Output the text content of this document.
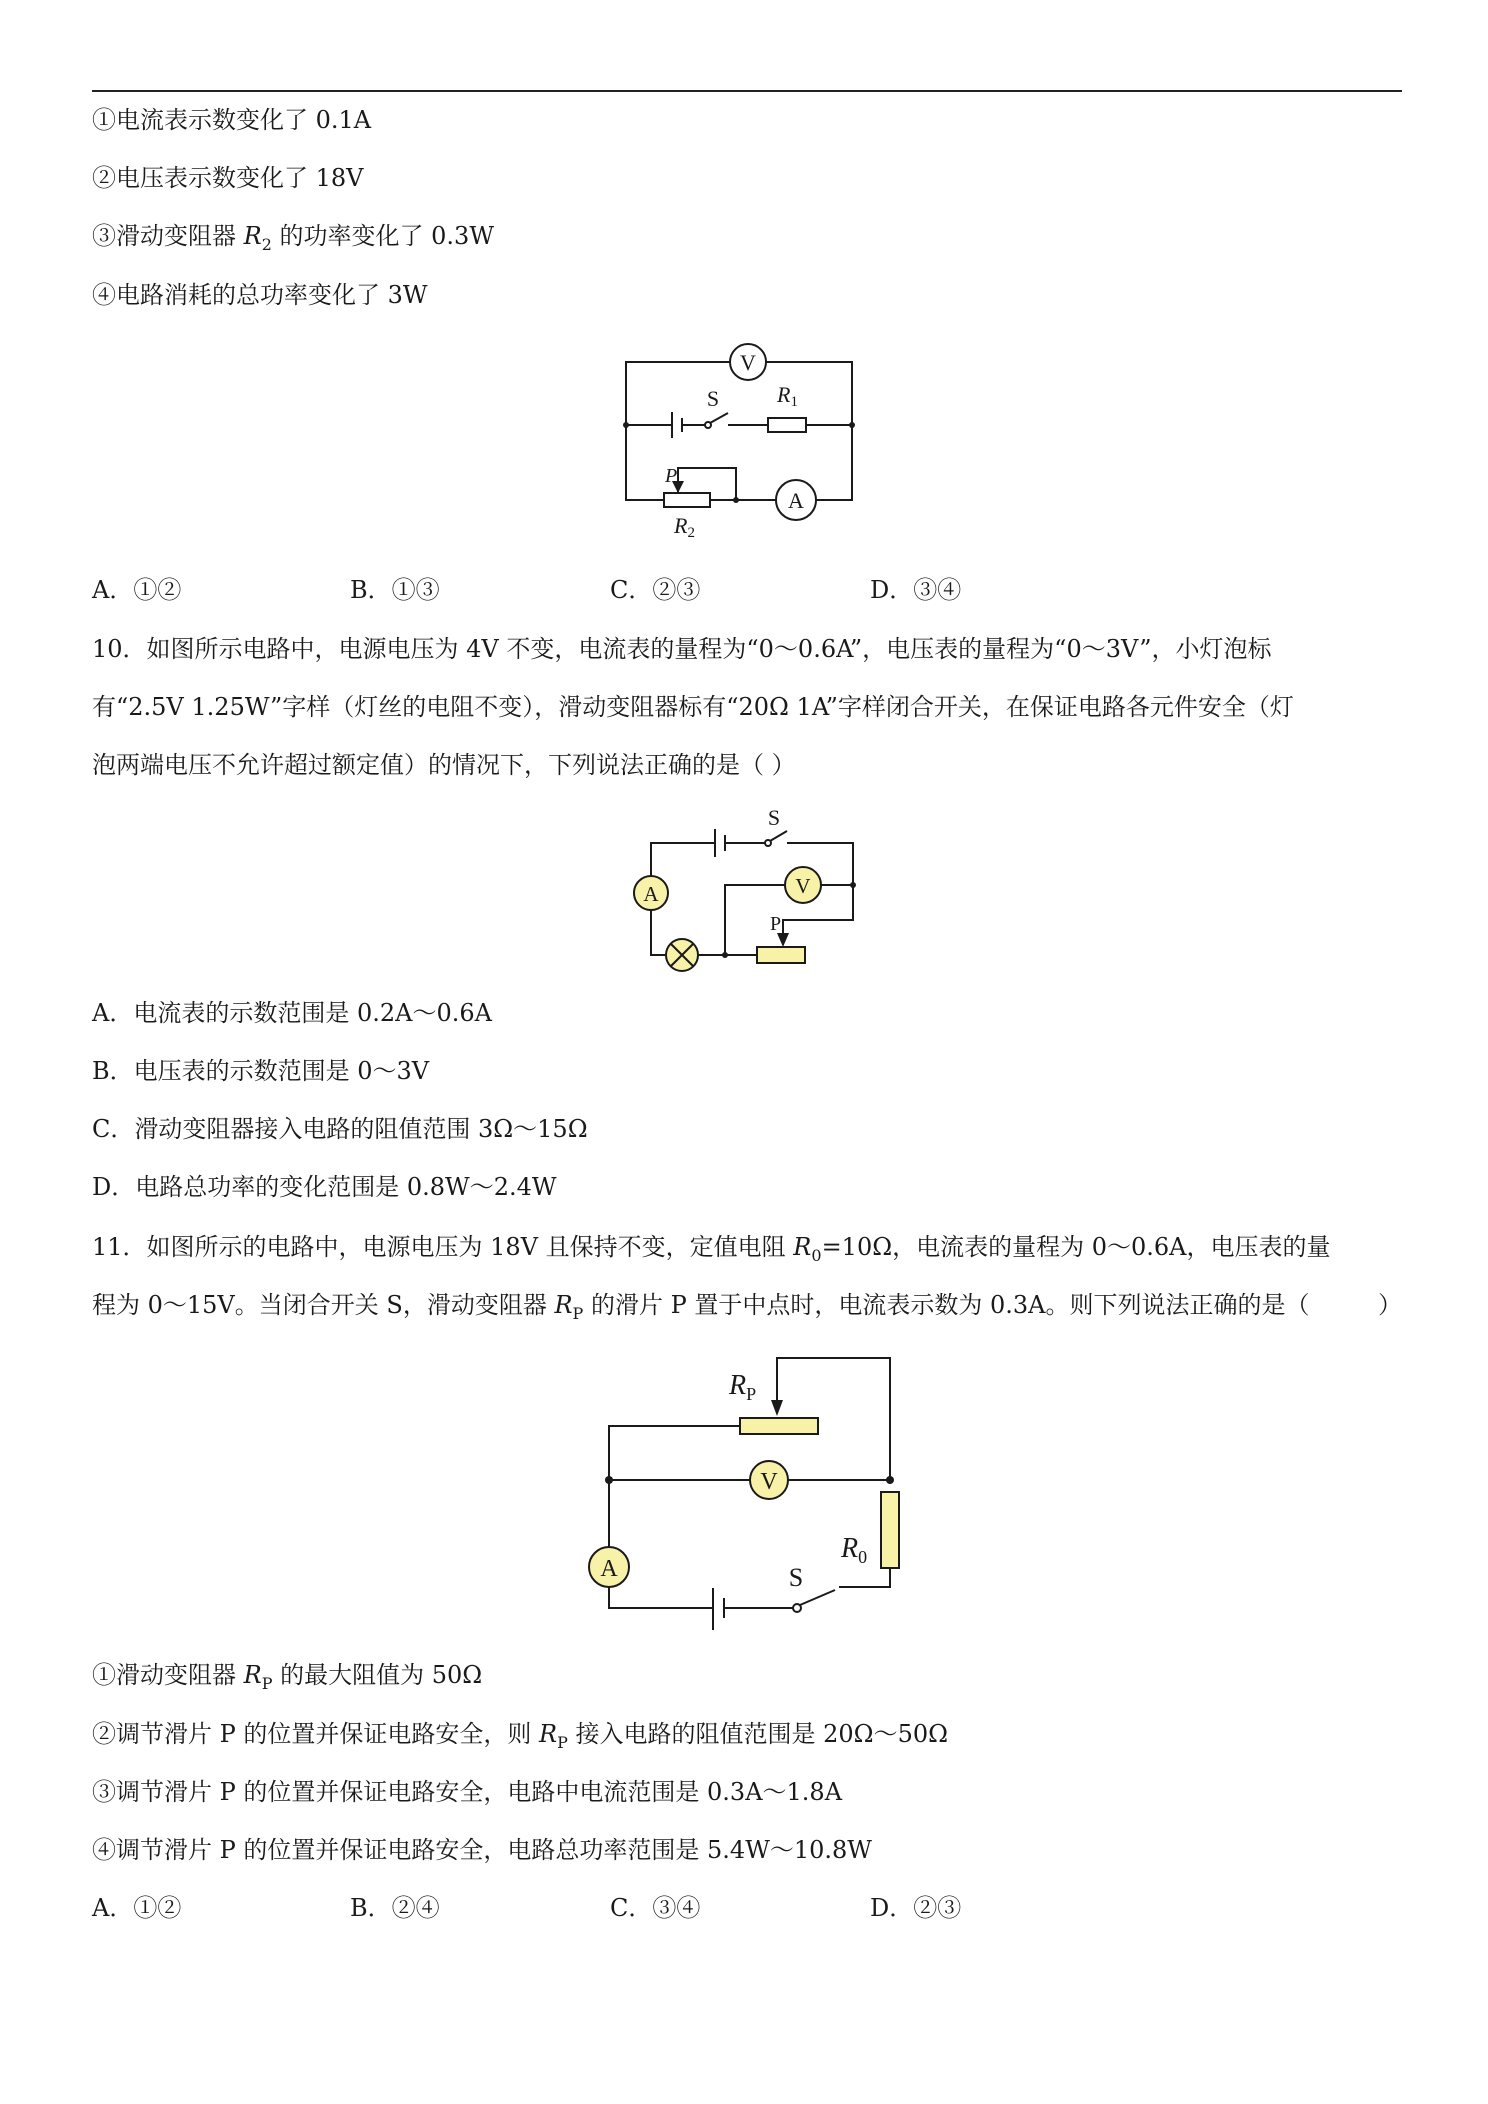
①电流表示数变化了 0.1A
②电压表示数变化了 18V
③滑动变阻器 $R_2$ 的功率变化了 0.3W
④电路消耗的总功率变化了 3W
V
S	R1
P
R2
A
A．①②	B．①③	C．②③	D．③④
10．如图所示电路中，电源电压为 4V 不变，电流表的量程为“0～0.6A”，电压表的量程为“0～3V”，小灯泡标
有“2.5V 1.25W”字样（灯丝的电阻不变），滑动变阻器标有“20Ω 1A”字样闭合开关，在保证电路各元件安全（灯
泡两端电压不允许超过额定值）的情况下，下列说法正确的是（ ）
S
A	V
P
A．电流表的示数范围是 0.2A～0.6A
B．电压表的示数范围是 0～3V
C．滑动变阻器接入电路的阻值范围 3Ω～15Ω
D．电路总功率的变化范围是 0.8W～2.4W
11．如图所示的电路中，电源电压为 18V 且保持不变，定值电阻 $R_0=10\Omega$，电流表的量程为 0～0.6A，电压表的量
程为 0～15V。当闭合开关 S，滑动变阻器 $R_P$ 的滑片 P 置于中点时，电流表示数为 0.3A。则下列说法正确的是（	）
$R_P$
V
A	S
$R_0$
①滑动变阻器 $R_P$ 的最大阻值为 50Ω
②调节滑片 P 的位置并保证电路安全，则 $R_P$ 接入电路的阻值范围是 20Ω～50Ω
③调节滑片 P 的位置并保证电路安全，电路中电流范围是 0.3A～1.8A
④调节滑片 P 的位置并保证电路安全，电路总功率范围是 5.4W～10.8W
A．①②	B．②④	C．③④	D．②③
